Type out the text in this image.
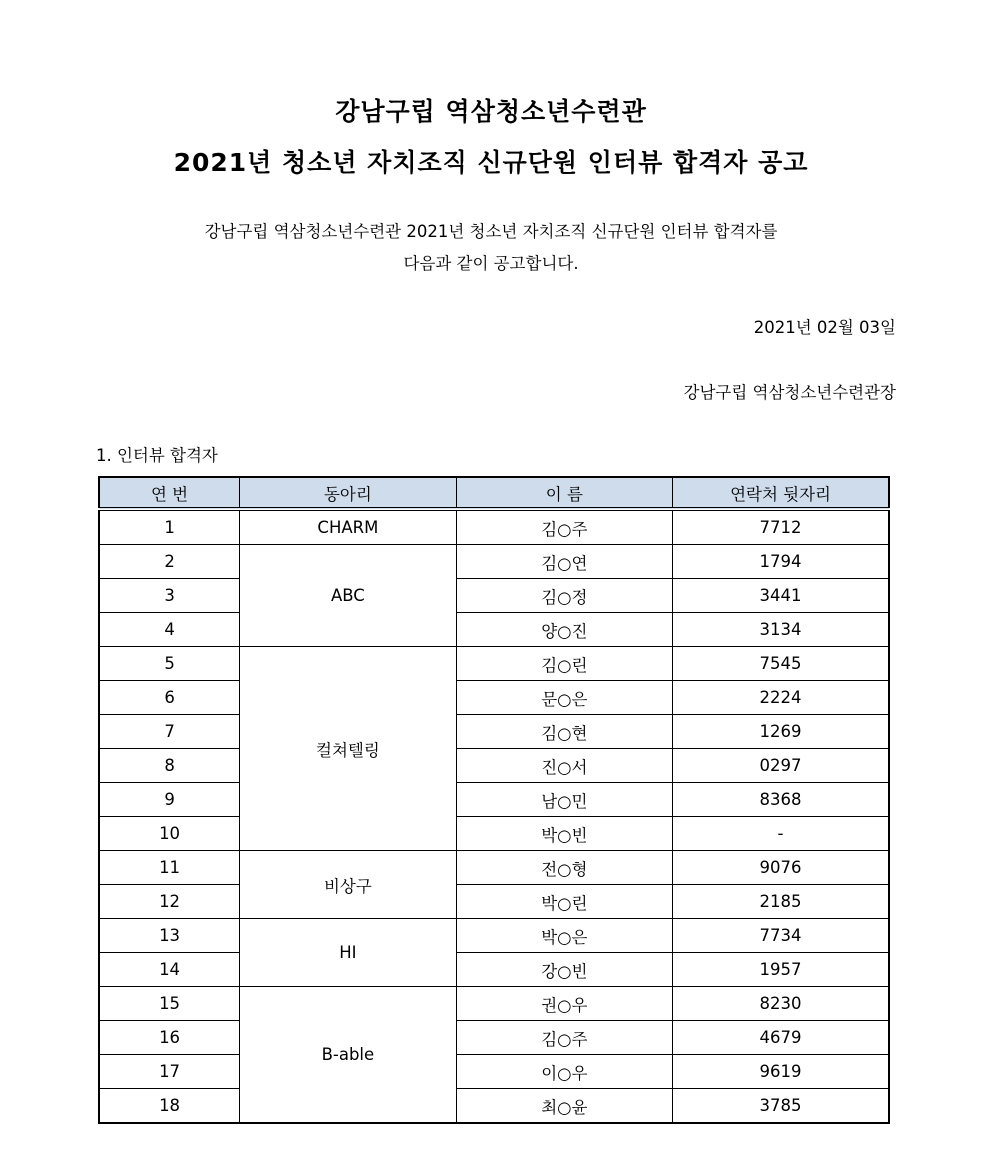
강남구립 역삼청소년수련관
2021년 청소년 자치조직 신규단원 인터뷰 합격자 공고
강남구립 역삼청소년수련관 2021년 청소년 자치조직 신규단원 인터뷰 합격자를
다음과 같이 공고합니다.
2021년 02월 03일
강남구립 역삼청소년수련관장
1. 인터뷰 합격자
연 번	동아리	이 름	연락처 뒷자리
1	CHARM	김○주	7712
2	ABC	김○연	1794
3		김○정	3441
4		양○진	3134
5	컬쳐텔링	김○린	7545
6		문○은	2224
7		김○현	1269
8		진○서	0297
9		남○민	8368
10		박○빈	-
11	비상구	전○형	9076
12		박○린	2185
13	HI	박○은	7734
14		강○빈	1957
15	B-able	권○우	8230
16		김○주	4679
17		이○우	9619
18		최○윤	3785
